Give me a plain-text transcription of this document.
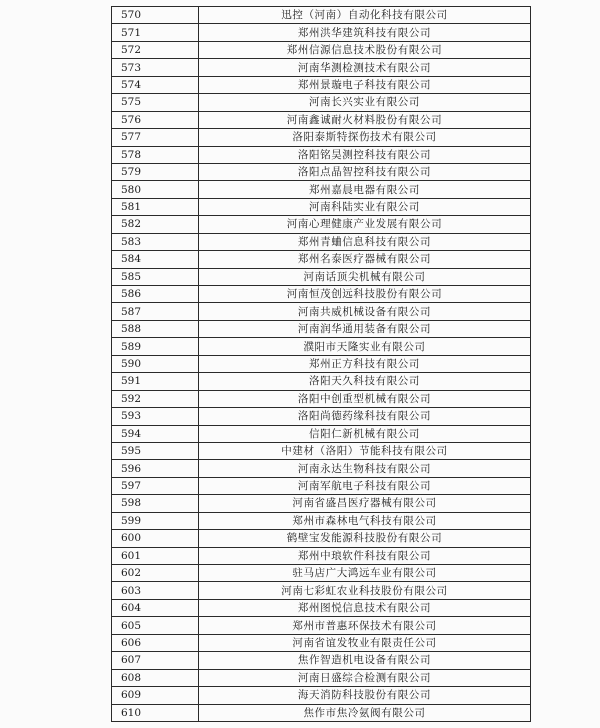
570	迅控（河南）自动化科技有限公司
571	郑州洪华建筑科技有限公司
572	郑州信源信息技术股份有限公司
573	河南华测检测技术有限公司
574	郑州景璇电子科技有限公司
575	河南长兴实业有限公司
576	河南鑫诚耐火材料股份有限公司
577	洛阳泰斯特探伤技术有限公司
578	洛阳铭昊测控科技有限公司
579	洛阳点晶智控科技有限公司
580	郑州嘉晨电器有限公司
581	河南科陆实业有限公司
582	河南心理健康产业发展有限公司
583	郑州青蛐信息科技有限公司
584	郑州名泰医疗器械有限公司
585	河南话顶尖机械有限公司
586	河南恒茂创远科技股份有限公司
587	河南共威机械设备有限公司
588	河南润华通用装备有限公司
589	濮阳市天隆实业有限公司
590	郑州正方科技有限公司
591	洛阳天久科技有限公司
592	洛阳中创重型机械有限公司
593	洛阳尚德药缘科技有限公司
594	信阳仁新机械有限公司
595	中建材（洛阳）节能科技有限公司
596	河南永达生物科技有限公司
597	河南军航电子科技有限公司
598	河南省盛昌医疗器械有限公司
599	郑州市森林电气科技有限公司
600	鹤壁宝发能源科技股份有限公司
601	郑州中琅软件科技有限公司
602	驻马店广大鸿远车业有限公司
603	河南七彩虹农业科技股份有限公司
604	郑州图悦信息技术有限公司
605	郑州市普惠环保技术有限公司
606	河南省谊发牧业有限责任公司
607	焦作智造机电设备有限公司
608	河南日盛综合检测有限公司
609	海天消防科技股份有限公司
610	焦作市焦冷氨阀有限公司
